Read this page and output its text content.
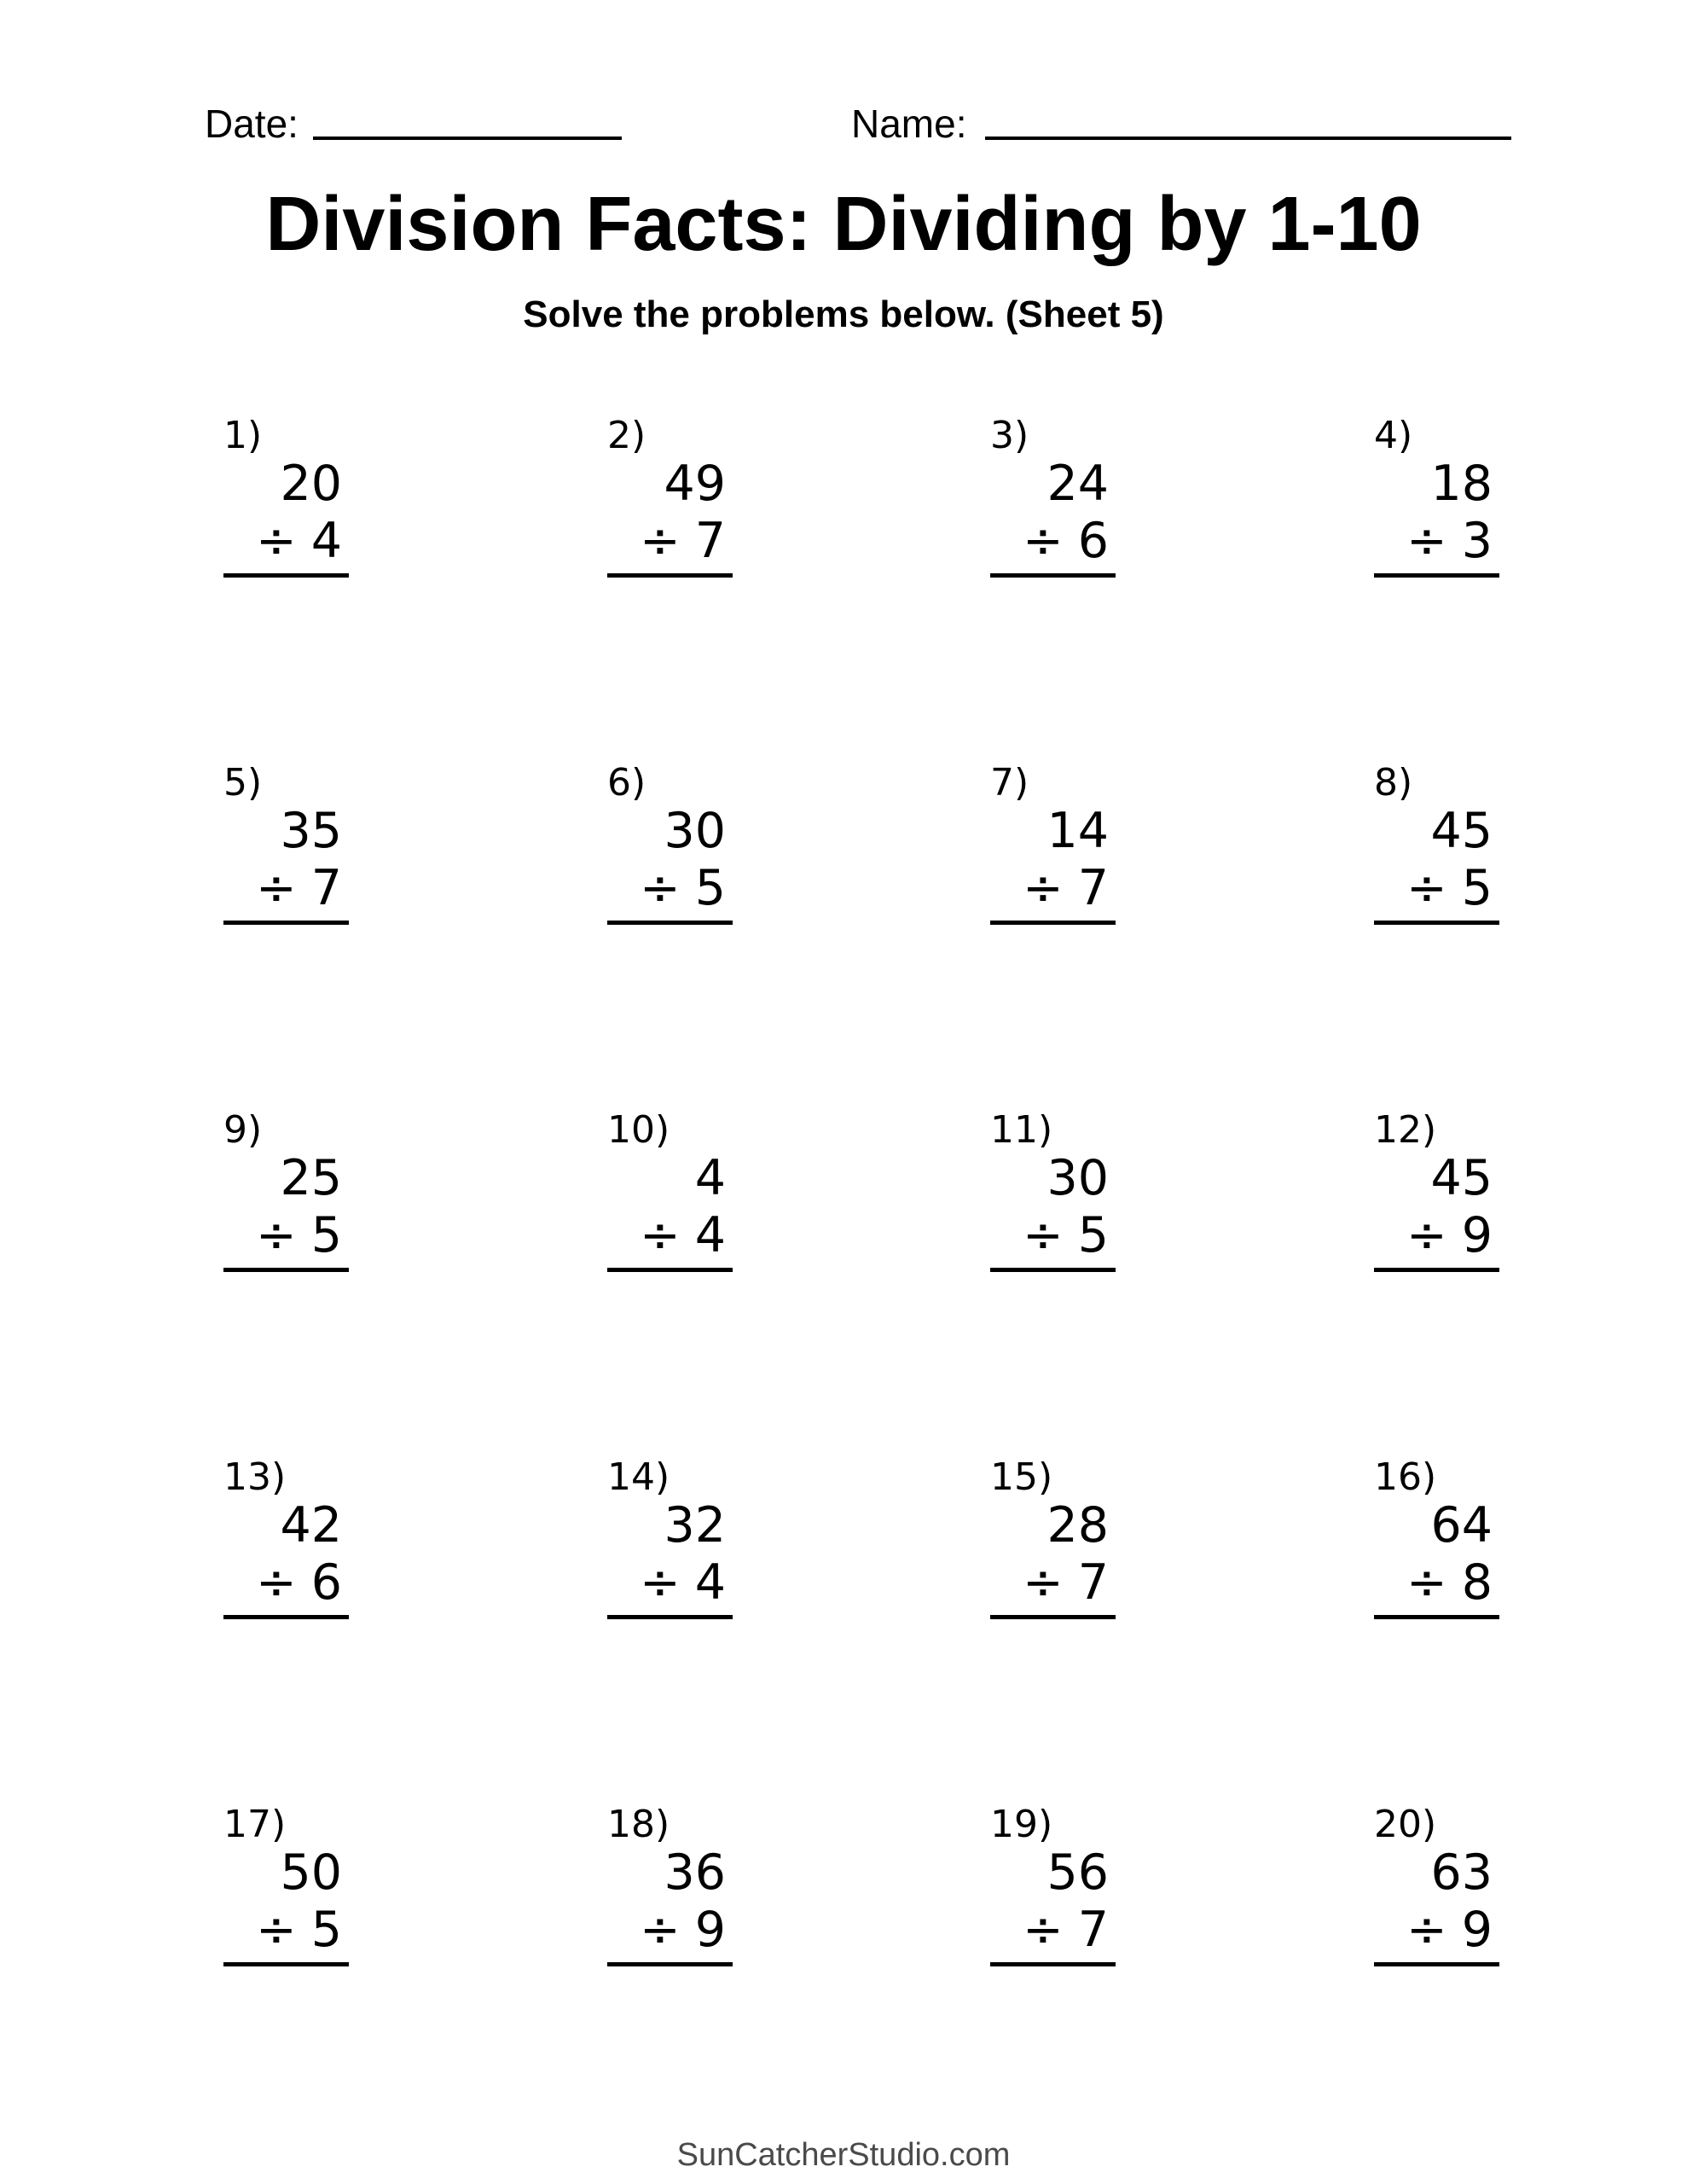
Date:	Name:
Division Facts: Dividing by 1-10
Solve the problems below. (Sheet 5)
1)
20
÷ 4
2)
49
÷ 7
3)
24
÷ 6
4)
18
÷ 3
5)
35
÷ 7
6)
30
÷ 5
7)
14
÷ 7
8)
45
÷ 5
9)
25
÷ 5
10)
4
÷ 4
11)
30
÷ 5
12)
45
÷ 9
13)
42
÷ 6
14)
32
÷ 4
15)
28
÷ 7
16)
64
÷ 8
17)
50
÷ 5
18)
36
÷ 9
19)
56
÷ 7
20)
63
÷ 9
SunCatcherStudio.com
